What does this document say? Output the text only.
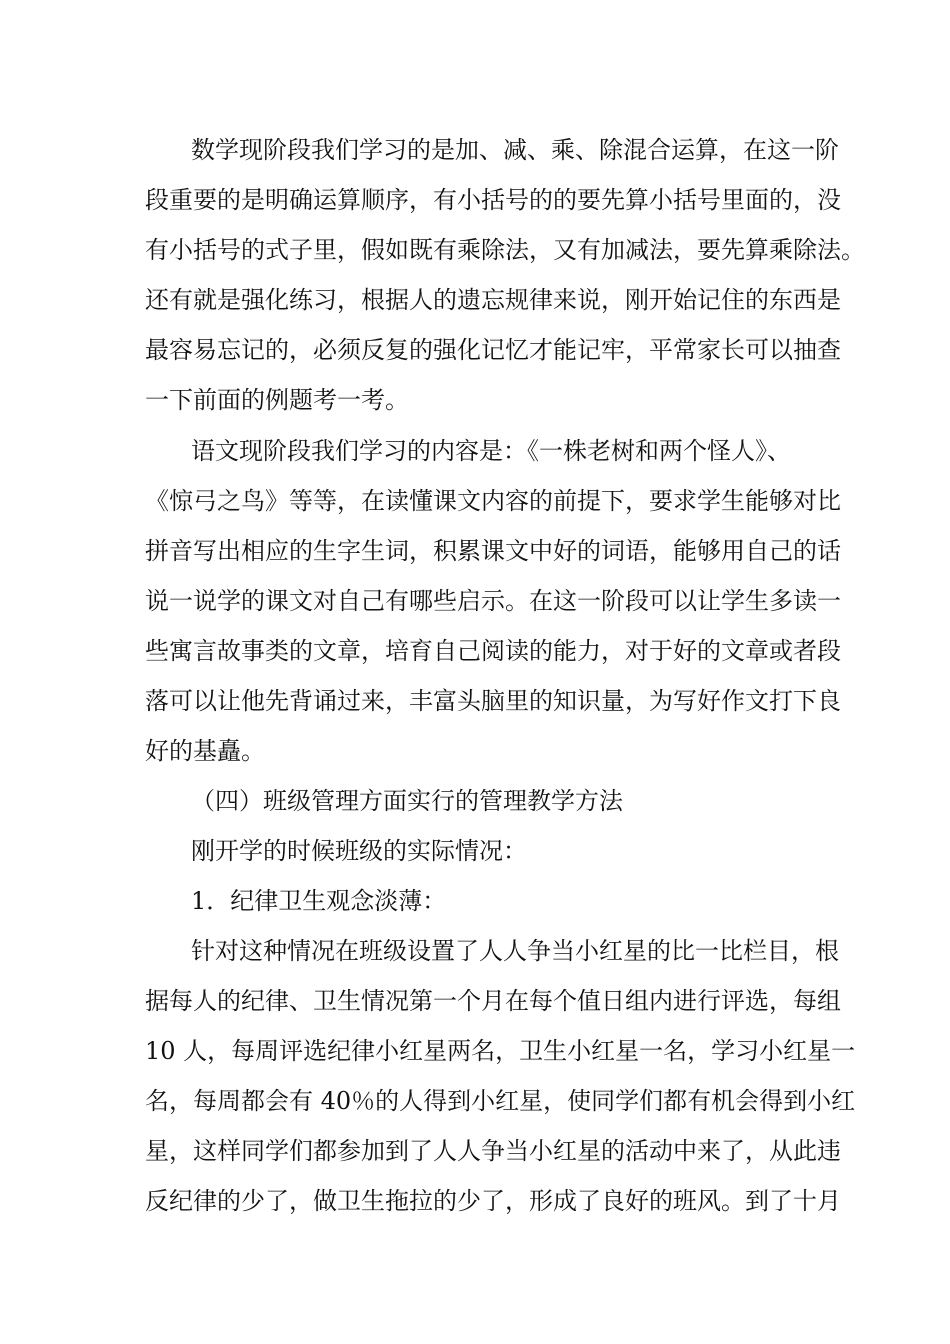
数学现阶段我们学习的是加、减、乘、除混合运算，在这一阶
段重要的是明确运算顺序，有小括号的的要先算小括号里面的，没
有小括号的式子里，假如既有乘除法，又有加减法，要先算乘除法。
还有就是强化练习，根据人的遗忘规律来说，刚开始记住的东西是
最容易忘记的，必须反复的强化记忆才能记牢，平常家长可以抽查
一下前面的例题考一考。
语文现阶段我们学习的内容是：《一株老树和两个怪人》、
《惊弓之鸟》等等，在读懂课文内容的前提下，要求学生能够对比
拼音写出相应的生字生词，积累课文中好的词语，能够用自己的话
说一说学的课文对自己有哪些启示。在这一阶段可以让学生多读一
些寓言故事类的文章，培育自己阅读的能力，对于好的文章或者段
落可以让他先背诵过来，丰富头脑里的知识量，为写好作文打下良
好的基矗。
（四）班级管理方面实行的管理教学方法
刚开学的时候班级的实际情况：
1．纪律卫生观念淡薄：
针对这种情况在班级设置了人人争当小红星的比一比栏目，根
据每人的纪律、卫生情况第一个月在每个值日组内进行评选，每组
10 人，每周评选纪律小红星两名，卫生小红星一名，学习小红星一
名，每周都会有 40％的人得到小红星，使同学们都有机会得到小红
星，这样同学们都参加到了人人争当小红星的活动中来了，从此违
反纪律的少了，做卫生拖拉的少了，形成了良好的班风。到了十月
